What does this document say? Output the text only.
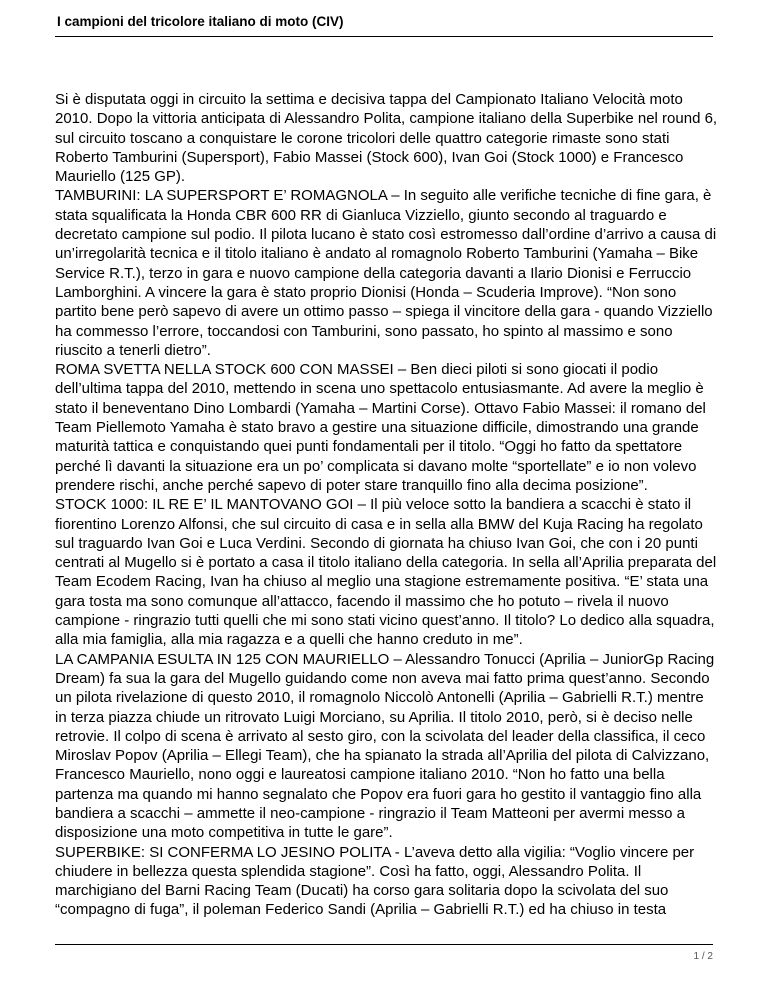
I campioni del tricolore italiano di moto (CIV)

Si è disputata oggi in circuito la settima e decisiva tappa del Campionato Italiano Velocità moto 2010. Dopo la vittoria anticipata di Alessandro Polita, campione italiano della Superbike nel round 6, sul circuito toscano a conquistare le corone tricolori delle quattro categorie rimaste sono stati Roberto Tamburini (Supersport), Fabio Massei (Stock 600), Ivan Goi (Stock 1000) e Francesco Mauriello (125 GP).

TAMBURINI: LA SUPERSPORT E’ ROMAGNOLA – In seguito alle verifiche tecniche di fine gara, è stata squalificata la Honda CBR 600 RR di Gianluca Vizziello, giunto secondo al traguardo e decretato campione sul podio. Il pilota lucano è stato così estromesso dall’ordine d’arrivo a causa di un’irregolarità tecnica e il titolo italiano è andato al romagnolo Roberto Tamburini (Yamaha – Bike Service R.T.), terzo in gara e nuovo campione della categoria davanti a Ilario Dionisi e Ferruccio Lamborghini. A vincere la gara è stato proprio Dionisi (Honda – Scuderia Improve). “Non sono partito bene però sapevo di avere un ottimo passo – spiega il vincitore della gara - quando Vizziello ha commesso l’errore, toccandosi con Tamburini, sono passato, ho spinto al massimo e sono riuscito a tenerli dietro”.

ROMA SVETTA NELLA STOCK 600 CON MASSEI – Ben dieci piloti si sono giocati il podio dell’ultima tappa del 2010, mettendo in scena uno spettacolo entusiasmante. Ad avere la meglio è stato il beneventano Dino Lombardi (Yamaha – Martini Corse). Ottavo Fabio Massei: il romano del Team Piellemoto Yamaha è stato bravo a gestire una situazione difficile, dimostrando una grande maturità tattica e conquistando quei punti fondamentali per il titolo. “Oggi ho fatto da spettatore perché lì davanti la situazione era un po’ complicata si davano molte “sportellate” e io non volevo prendere rischi, anche perché sapevo di poter stare tranquillo fino alla decima posizione”.

STOCK 1000: IL RE E’ IL MANTOVANO GOI – Il più veloce sotto la bandiera a scacchi è stato il fiorentino Lorenzo Alfonsi, che sul circuito di casa e in sella alla BMW del Kuja Racing ha regolato sul traguardo Ivan Goi e Luca Verdini. Secondo di giornata ha chiuso Ivan Goi, che con i 20 punti centrati al Mugello si è portato a casa il titolo italiano della categoria. In sella all’Aprilia preparata del Team Ecodem Racing, Ivan ha chiuso al meglio una stagione estremamente positiva. “E’ stata una gara tosta ma sono comunque all’attacco, facendo il massimo che ho potuto – rivela il nuovo campione - ringrazio tutti quelli che mi sono stati vicino quest’anno. Il titolo? Lo dedico alla squadra, alla mia famiglia, alla mia ragazza e a quelli che hanno creduto in me”.

LA CAMPANIA ESULTA IN 125 CON MAURIELLO – Alessandro Tonucci (Aprilia – JuniorGp Racing Dream) fa sua la gara del Mugello guidando come non aveva mai fatto prima quest’anno. Secondo un pilota rivelazione di questo 2010, il romagnolo Niccolò Antonelli (Aprilia – Gabrielli R.T.) mentre in terza piazza chiude un ritrovato Luigi Morciano, su Aprilia. Il titolo 2010, però, si è deciso nelle retrovie. Il colpo di scena è arrivato al sesto giro, con la scivolata del leader della classifica, il ceco Miroslav Popov (Aprilia – Ellegi Team), che ha spianato la strada all’Aprilia del pilota di Calvizzano, Francesco Mauriello, nono oggi e laureatosi campione italiano 2010. “Non ho fatto una bella partenza ma quando mi hanno segnalato che Popov era fuori gara ho gestito il vantaggio fino alla bandiera a scacchi – ammette il neo-campione - ringrazio il Team Matteoni per avermi messo a disposizione una moto competitiva in tutte le gare”.

SUPERBIKE: SI CONFERMA LO JESINO POLITA - L’aveva detto alla vigilia: “Voglio vincere per chiudere in bellezza questa splendida stagione”. Così ha fatto, oggi, Alessandro Polita. Il marchigiano del Barni Racing Team (Ducati) ha corso gara solitaria dopo la scivolata del suo “compagno di fuga”, il poleman Federico Sandi (Aprilia – Gabrielli R.T.) ed ha chiuso in testa

1 / 2
